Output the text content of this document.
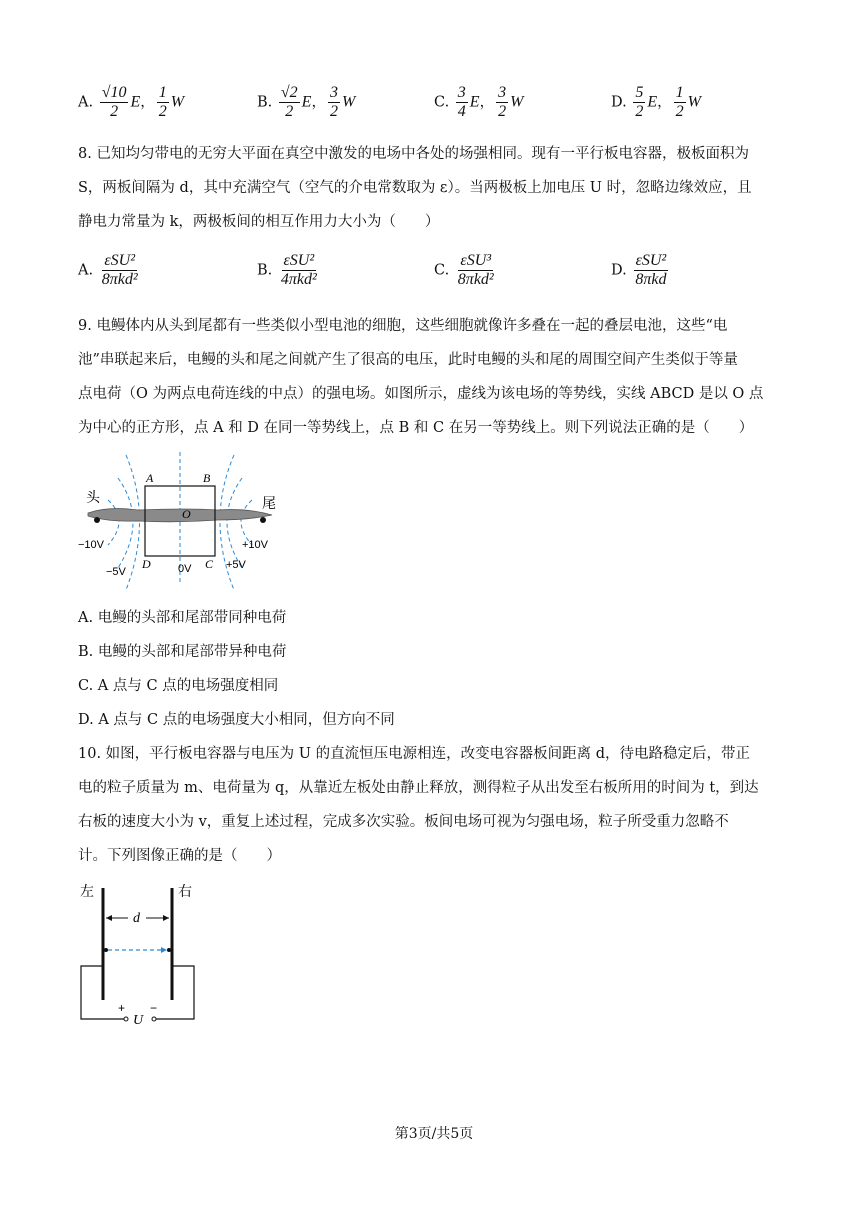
A. $\frac{√10}{2}$ E， $\frac{1}{2}$ W	B. $\frac{√2}{2}$ E， $\frac{3}{2}$ W	C. $\frac{3}{4}$ E， $\frac{3}{2}$ W	D. $\frac{5}{2}$ E， $\frac{1}{2}$ W
8. 已知均匀带电的无穷大平面在真空中激发的电场中各处的场强相同。现有一平行板电容器，极板面积为
S，两板间隔为 d，其中充满空气（空气的介电常数取为 ε）。当两极板上加电压 U 时，忽略边缘效应，且
静电力常量为 k，两极板间的相互作用力大小为（　　）
A. $\frac{\text{εSU²}}{\text{8πkd²}}$	B. $\frac{\text{εSU²}}{\text{4πkd²}}$	C. $\frac{\text{εSU³}}{\text{8πkd²}}$	D. $\frac{\text{εSU²}}{\text{8πkd}}$
9. 电鳗体内从头到尾都有一些类似小型电池的细胞，这些细胞就像许多叠在一起的叠层电池，这些“电
池”串联起来后，电鳗的头和尾之间就产生了很高的电压，此时电鳗的头和尾的周围空间产生类似于等量
点电荷（O 为两点电荷连线的中点）的强电场。如图所示，虚线为该电场的等势线，实线 ABCD 是以 O 点
为中心的正方形，点 A 和 D 在同一等势线上，点 B 和 C 在另一等势线上。则下列说法正确的是（　　）
头	尾
A	B
O
D	C
−10V
−5V	0V	+5V
+10V
A. 电鳗的头部和尾部带同种电荷
B. 电鳗的头部和尾部带异种电荷
C. A 点与 C 点的电场强度相同
D. A 点与 C 点的电场强度大小相同，但方向不同
10. 如图，平行板电容器与电压为 U 的直流恒压电源相连，改变电容器板间距离 d，待电路稳定后，带正
电的粒子质量为 m、电荷量为 q，从靠近左板处由静止释放，测得粒子从出发至右板所用的时间为 t，到达
右板的速度大小为 v，重复上述过程，完成多次实验。板间电场可视为匀强电场，粒子所受重力忽略不
计。下列图像正确的是（　　）
左	右
d
+ −
U
第3页/共5页
